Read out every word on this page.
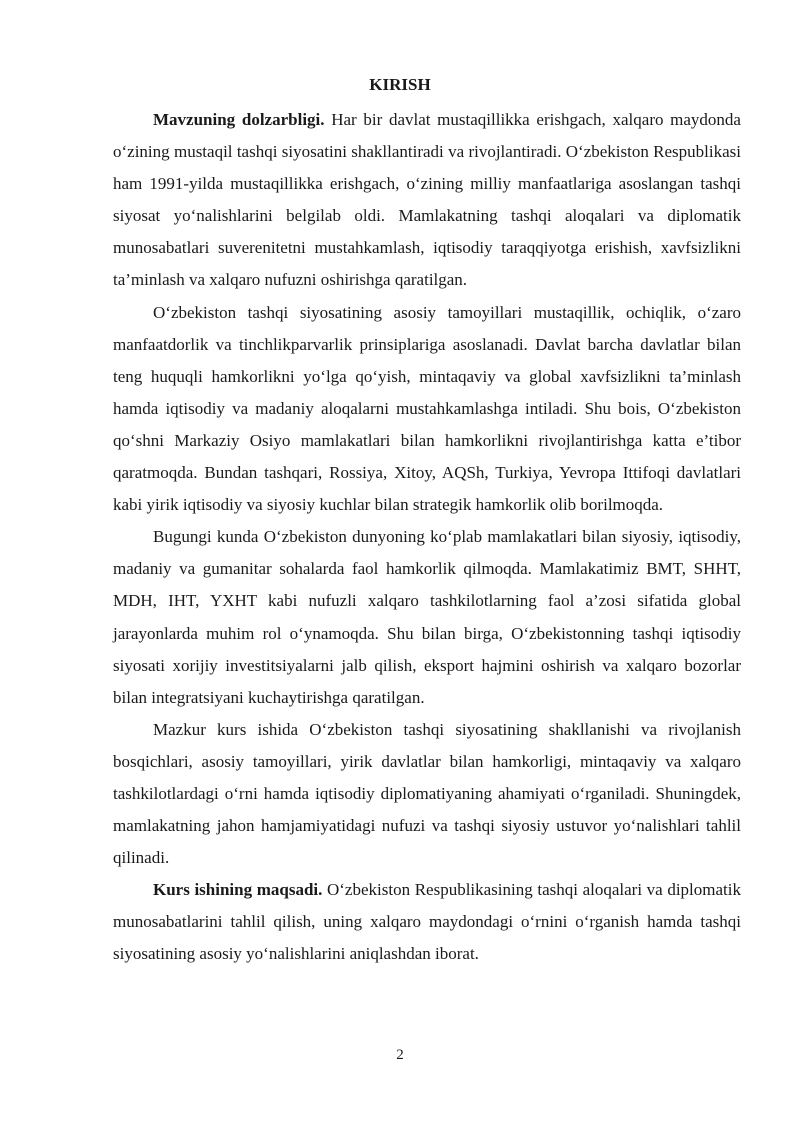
KIRISH

Mavzuning dolzarbligi. Har bir davlat mustaqillikka erishgach, xalqaro maydonda o‘zining mustaqil tashqi siyosatini shakllantiradi va rivojlantiradi. O‘zbekiston Respublikasi ham 1991-yilda mustaqillikka erishgach, o‘zining milliy manfaatlariga asoslangan tashqi siyosat yo‘nalishlarini belgilab oldi. Mamlakatning tashqi aloqalari va diplomatik munosabatlari suverenitetni mustahkamlash, iqtisodiy taraqqiyotga erishish, xavfsizlikni ta’minlash va xalqaro nufuzni oshirishga qaratilgan.

O‘zbekiston tashqi siyosatining asosiy tamoyillari mustaqillik, ochiqlik, o‘zaro manfaatdorlik va tinchlikparvarlik prinsiplariga asoslanadi. Davlat barcha davlatlar bilan teng huquqli hamkorlikni yo‘lga qo‘yish, mintaqaviy va global xavfsizlikni ta’minlash hamda iqtisodiy va madaniy aloqalarni mustahkamlashga intiladi. Shu bois, O‘zbekiston qo‘shni Markaziy Osiyo mamlakatlari bilan hamkorlikni rivojlantirishga katta e’tibor qaratmoqda. Bundan tashqari, Rossiya, Xitoy, AQSh, Turkiya, Yevropa Ittifoqi davlatlari kabi yirik iqtisodiy va siyosiy kuchlar bilan strategik hamkorlik olib borilmoqda.

Bugungi kunda O‘zbekiston dunyoning ko‘plab mamlakatlari bilan siyosiy, iqtisodiy, madaniy va gumanitar sohalarda faol hamkorlik qilmoqda. Mamlakatimiz BMT, SHHT, MDH, IHT, YXHT kabi nufuzli xalqaro tashkilotlarning faol a’zosi sifatida global jarayonlarda muhim rol o‘ynamoqda. Shu bilan birga, O‘zbekistonning tashqi iqtisodiy siyosati xorijiy investitsiyalarni jalb qilish, eksport hajmini oshirish va xalqaro bozorlar bilan integratsiyani kuchaytirishga qaratilgan.

Mazkur kurs ishida O‘zbekiston tashqi siyosatining shakllanishi va rivojlanish bosqichlari, asosiy tamoyillari, yirik davlatlar bilan hamkorligi, mintaqaviy va xalqaro tashkilotlardagi o‘rni hamda iqtisodiy diplomatiyaning ahamiyati o‘rganiladi. Shuningdek, mamlakatning jahon hamjamiyatidagi nufuzi va tashqi siyosiy ustuvor yo‘nalishlari tahlil qilinadi.

Kurs ishining maqsadi. O‘zbekiston Respublikasining tashqi aloqalari va diplomatik munosabatlarini tahlil qilish, uning xalqaro maydondagi o‘rnini o‘rganish hamda tashqi siyosatining asosiy yo‘nalishlarini aniqlashdan iborat.

2
